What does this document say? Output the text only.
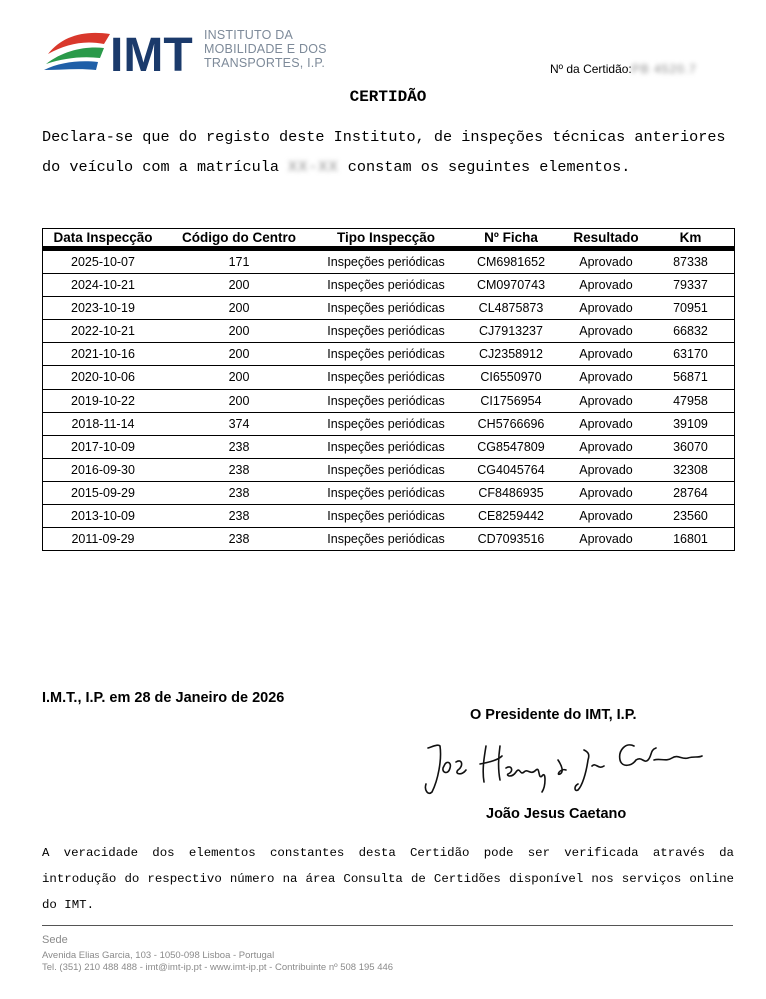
IMT INSTITUTO DA
MOBILIDADE E DOS
TRANSPORTES, I.P.	Nº da Certidão:PB 4520.7
CERTIDÃO
Declara-se que do registo deste Instituto, de inspeções técnicas anteriores do veículo com a matrícula XX-XX constam os seguintes elementos.
Data Inspecção	Código do Centro	Tipo Inspecção	Nº Ficha	Resultado	Km
2025-10-07	171	Inspeções periódicas	CM6981652	Aprovado	87338
2024-10-21	200	Inspeções periódicas	CM0970743	Aprovado	79337
2023-10-19	200	Inspeções periódicas	CL4875873	Aprovado	70951
2022-10-21	200	Inspeções periódicas	CJ7913237	Aprovado	66832
2021-10-16	200	Inspeções periódicas	CJ2358912	Aprovado	63170
2020-10-06	200	Inspeções periódicas	CI6550970	Aprovado	56871
2019-10-22	200	Inspeções periódicas	CI1756954	Aprovado	47958
2018-11-14	374	Inspeções periódicas	CH5766696	Aprovado	39109
2017-10-09	238	Inspeções periódicas	CG8547809	Aprovado	36070
2016-09-30	238	Inspeções periódicas	CG4045764	Aprovado	32308
2015-09-29	238	Inspeções periódicas	CF8486935	Aprovado	28764
2013-10-09	238	Inspeções periódicas	CE8259442	Aprovado	23560
2011-09-29	238	Inspeções periódicas	CD7093516	Aprovado	16801
I.M.T., I.P. em 28 de Janeiro de 2026
O Presidente do IMT, I.P.
João Jesus Caetano
A veracidade dos elementos constantes desta Certidão pode ser verificada através da introdução do respectivo número na área Consulta de Certidões disponível nos serviços online do IMT.
Sede
Avenida Elias Garcia, 103 - 1050-098 Lisboa - Portugal
Tel. (351) 210 488 488 - imt@imt-ip.pt - www.imt-ip.pt - Contribuinte nº 508 195 446
